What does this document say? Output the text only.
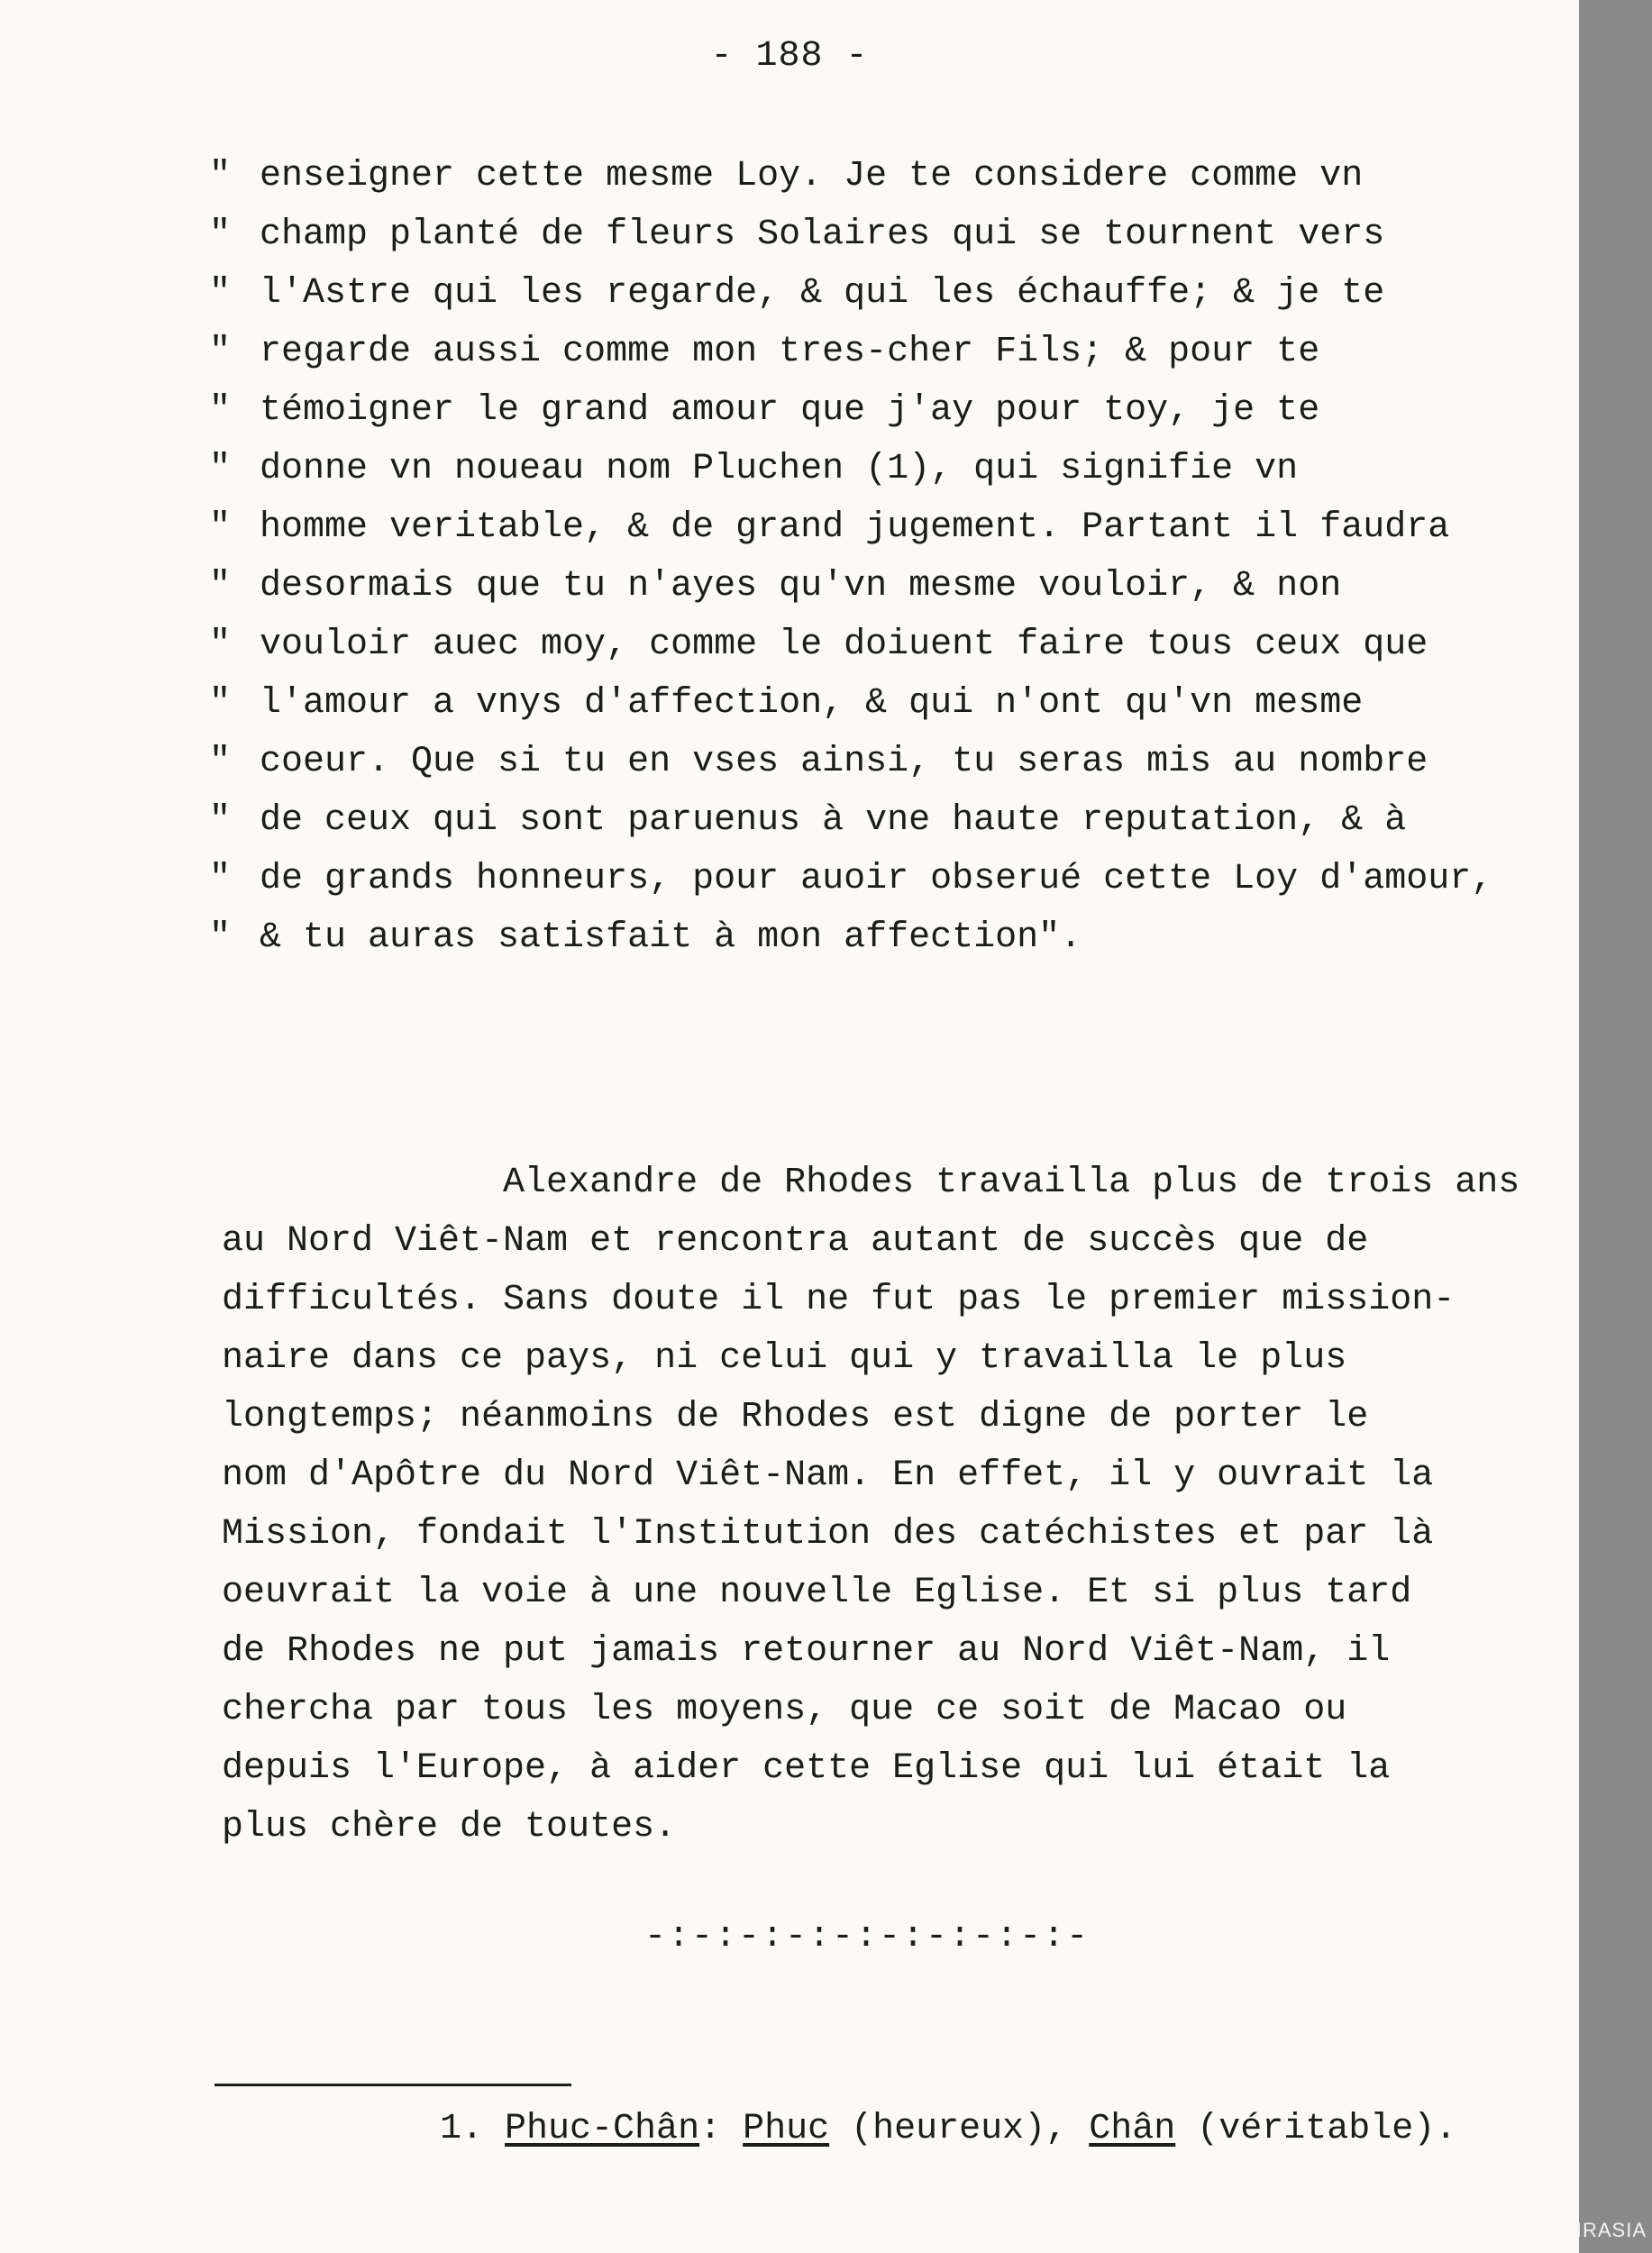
- 188 -
" enseigner cette mesme Loy. Je te considere comme vn
" champ planté de fleurs Solaires qui se tournent vers
" l'Astre qui les regarde, & qui les échauffe; & je te
" regarde aussi comme mon tres-cher Fils; & pour te
" témoigner le grand amour que j'ay pour toy, je te
" donne vn noueau nom Pluchen (1), qui signifie vn
" homme veritable, & de grand jugement. Partant il faudra
" desormais que tu n'ayes qu'vn mesme vouloir, & non
" vouloir auec moy, comme le doiuent faire tous ceux que
" l'amour a vnys d'affection, & qui n'ont qu'vn mesme
" coeur. Que si tu en vses ainsi, tu seras mis au nombre
" de ceux qui sont paruenus à vne haute reputation, & à
" de grands honneurs, pour auoir obserué cette Loy d'amour,
" & tu auras satisfait à mon affection".
Alexandre de Rhodes travailla plus de trois ans
au Nord Viêt-Nam et rencontra autant de succès que de
difficultés. Sans doute il ne fut pas le premier mission-
naire dans ce pays, ni celui qui y travailla le plus
longtemps; néanmoins de Rhodes est digne de porter le
nom d'Apôtre du Nord Viêt-Nam. En effet, il y ouvrait la
Mission, fondait l'Institution des catéchistes et par là
oeuvrait la voie à une nouvelle Eglise. Et si plus tard
de Rhodes ne put jamais retourner au Nord Viêt-Nam, il
chercha par tous les moyens, que ce soit de Macao ou
depuis l'Europe, à aider cette Eglise qui lui était la
plus chère de toutes.
-:-:-:-:-:-:-:-:-:-
1. Phuc-Chân: Phuc (heureux), Chân (véritable).
IRASIA
